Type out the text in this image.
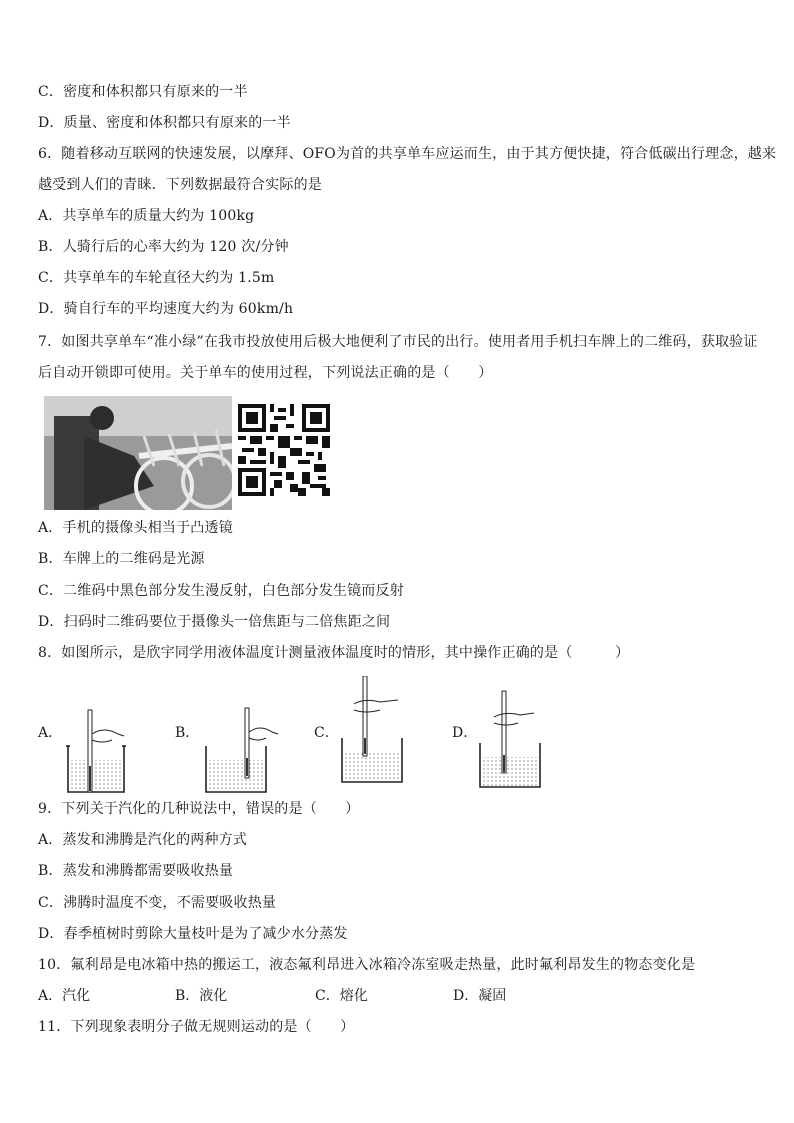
C．密度和体积都只有原来的一半
D．质量、密度和体积都只有原来的一半
6．随着移动互联网的快速发展，以摩拜、OFO为首的共享单车应运而生，由于其方便快捷，符合低碳出行理念，越来
越受到人们的青睐．下列数据最符合实际的是
A．共享单车的质量大约为 100kg
B．人骑行后的心率大约为 120 次/分钟
C．共享单车的车轮直径大约为 1.5m
D．骑自行车的平均速度大约为 60km/h
7．如图共享单车“准小绿”在我市投放使用后极大地便利了市民的出行。使用者用手机扫车牌上的二维码，获取验证
后自动开锁即可使用。关于单车的使用过程，下列说法正确的是（　　）
A．手机的摄像头相当于凸透镜
B．车牌上的二维码是光源
C．二维码中黑色部分发生漫反射，白色部分发生镜而反射
D．扫码时二维码要位于摄像头一倍焦距与二倍焦距之间
8．如图所示，是欣宇同学用液体温度计测量液体温度时的情形，其中操作正确的是（　　　）
A．	B．	C．	D．
9．下列关于汽化的几种说法中，错误的是（　　）
A．蒸发和沸腾是汽化的两种方式
B．蒸发和沸腾都需要吸收热量
C．沸腾时温度不变，不需要吸收热量
D．春季植树时剪除大量枝叶是为了减少水分蒸发
10．氟利昂是电冰箱中热的搬运工，液态氟利昂进入冰箱冷冻室吸走热量，此时氟利昂发生的物态变化是
A．汽化	B．液化	C．熔化	D．凝固
11．下列现象表明分子做无规则运动的是（　　）
